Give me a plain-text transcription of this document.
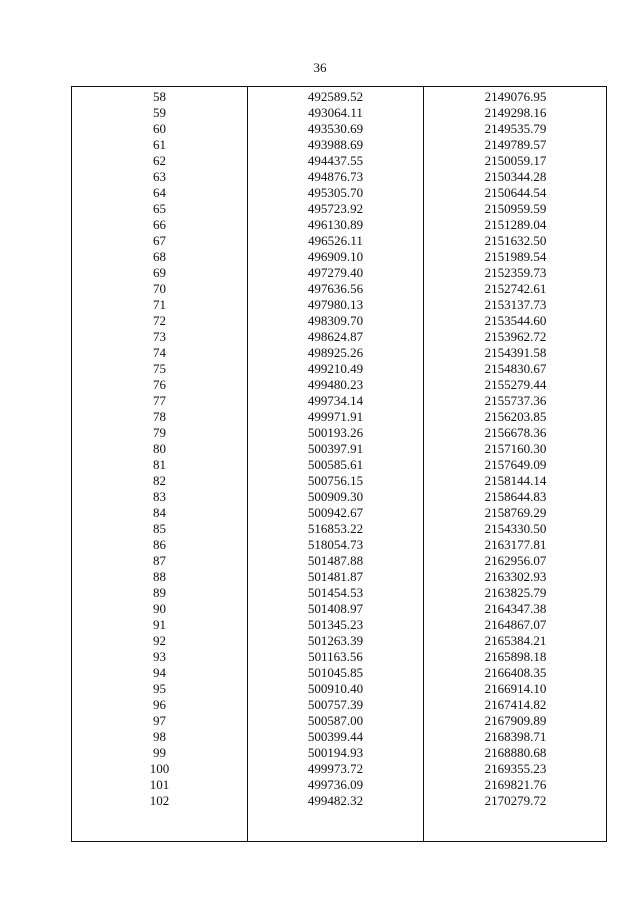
36
58	492589.52	2149076.95
59	493064.11	2149298.16
60	493530.69	2149535.79
61	493988.69	2149789.57
62	494437.55	2150059.17
63	494876.73	2150344.28
64	495305.70	2150644.54
65	495723.92	2150959.59
66	496130.89	2151289.04
67	496526.11	2151632.50
68	496909.10	2151989.54
69	497279.40	2152359.73
70	497636.56	2152742.61
71	497980.13	2153137.73
72	498309.70	2153544.60
73	498624.87	2153962.72
74	498925.26	2154391.58
75	499210.49	2154830.67
76	499480.23	2155279.44
77	499734.14	2155737.36
78	499971.91	2156203.85
79	500193.26	2156678.36
80	500397.91	2157160.30
81	500585.61	2157649.09
82	500756.15	2158144.14
83	500909.30	2158644.83
84	500942.67	2158769.29
85	516853.22	2154330.50
86	518054.73	2163177.81
87	501487.88	2162956.07
88	501481.87	2163302.93
89	501454.53	2163825.79
90	501408.97	2164347.38
91	501345.23	2164867.07
92	501263.39	2165384.21
93	501163.56	2165898.18
94	501045.85	2166408.35
95	500910.40	2166914.10
96	500757.39	2167414.82
97	500587.00	2167909.89
98	500399.44	2168398.71
99	500194.93	2168880.68
100	499973.72	2169355.23
101	499736.09	2169821.76
102	499482.32	2170279.72
